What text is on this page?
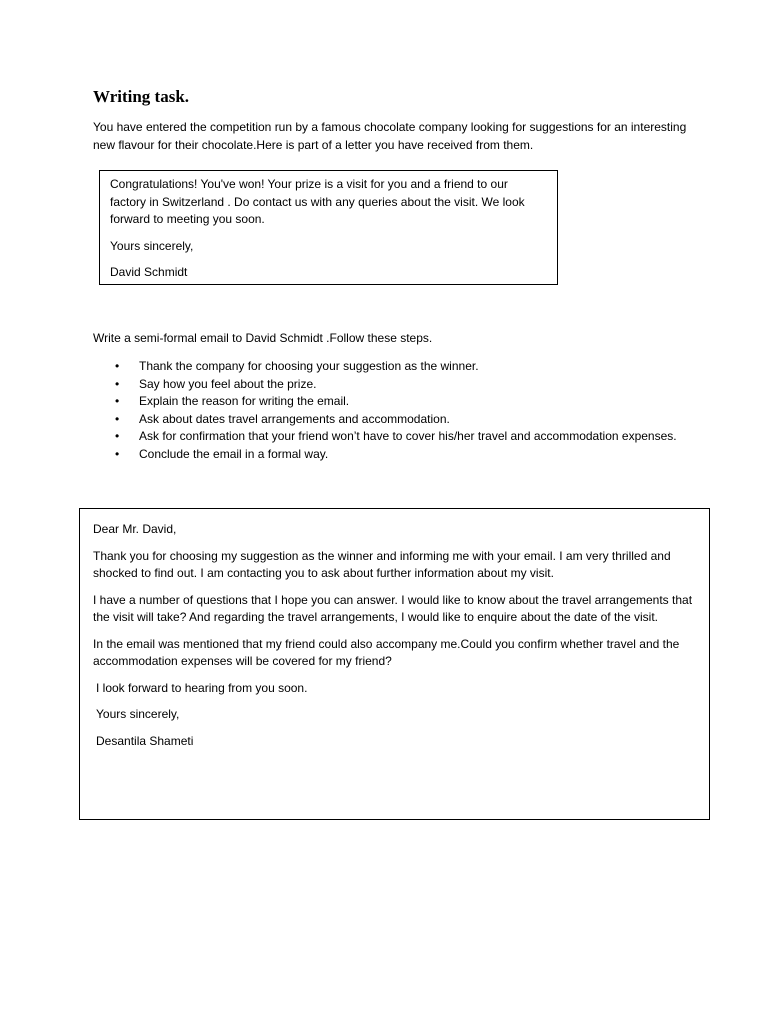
Writing task.

You have entered the competition run by a famous chocolate company looking for suggestions for an interesting new flavour for their chocolate.Here is part of a letter you have received from them.

Congratulations! You've won! Your prize is a visit for you and a friend to our factory in Switzerland . Do contact us with any queries about the visit. We look forward to meeting you soon.

Yours sincerely,

David Schmidt

Write a semi-formal email to David Schmidt .Follow these steps.

• Thank the company for choosing your suggestion as the winner.
• Say how you feel about the prize.
• Explain the reason for writing the email.
• Ask about dates travel arrangements and accommodation.
• Ask for confirmation that your friend won’t have to cover his/her travel and accommodation expenses.
• Conclude the email in a formal way.

Dear Mr. David,

Thank you for choosing my suggestion as the winner and informing me with your email. I am very thrilled and shocked to find out. I am contacting you to ask about further information about my visit.

I have a number of questions that I hope you can answer. I would like to know about the travel arrangements that the visit will take? And regarding the travel arrangements, I would like to enquire about the date of the visit.

In the email was mentioned that my friend could also accompany me.Could you confirm whether travel and the accommodation expenses will be covered for my friend?

I look forward to hearing from you soon.

Yours sincerely,

Desantila Shameti
